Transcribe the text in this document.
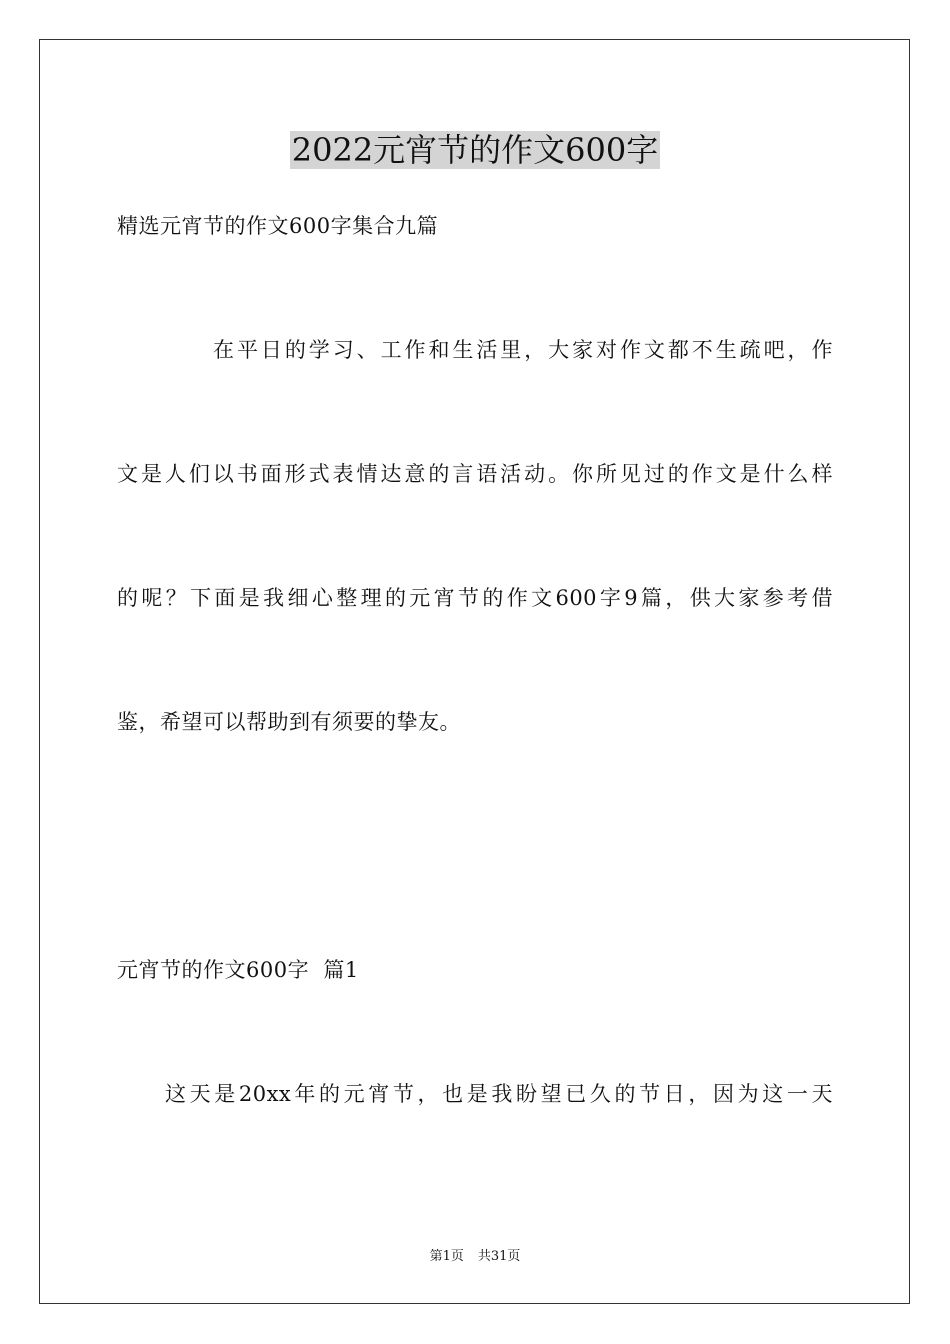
2022元宵节的作文600字
精选元宵节的作文600字集合九篇
在平日的学习、工作和生活里，大家对作文都不生疏吧，作
文是人们以书面形式表情达意的言语活动。你所见过的作文是什么样
的呢？下面是我细心整理的元宵节的作文600字9篇，供大家参考借
鉴，希望可以帮助到有须要的挚友。
元宵节的作文600字  篇1
这天是20xx年的元宵节，也是我盼望已久的节日，因为这一天
第1页 共31页
